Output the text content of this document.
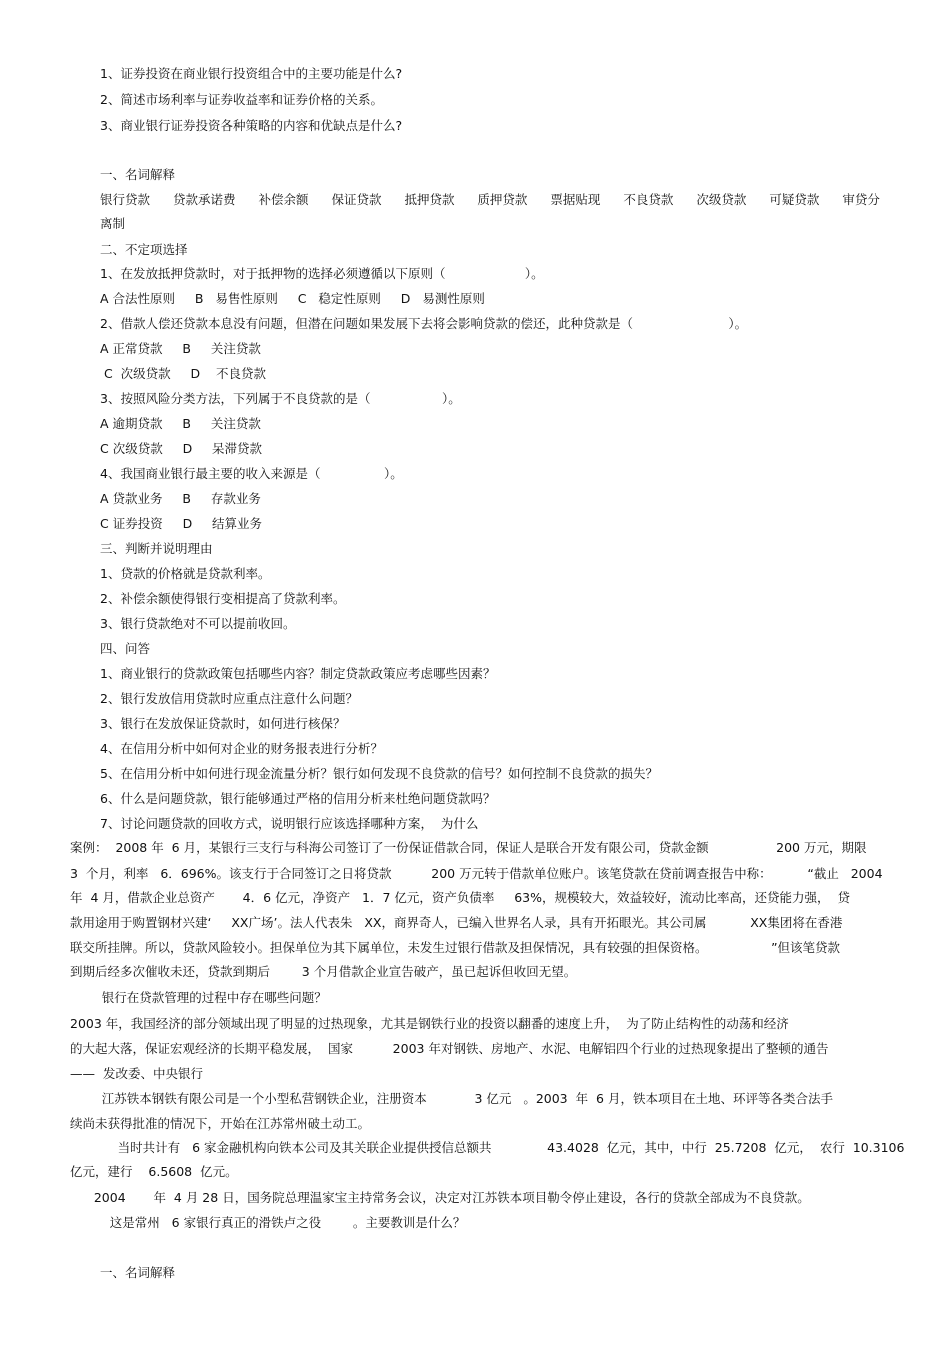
1、证券投资在商业银行投资组合中的主要功能是什么?
2、简述市场利率与证券收益率和证券价格的关系。
3、商业银行证券投资各种策略的内容和优缺点是什么?
一、名词解释
银行贷款 贷款承诺费 补偿余额 保证贷款 抵押贷款 质押贷款 票据贴现 不良贷款 次级贷款 可疑贷款 审贷分
离制
二、不定项选择
1、在发放抵押贷款时，对于抵押物的选择必须遵循以下原则（                    ）。
A 合法性原则     B   易售性原则     C   稳定性原则     D   易测性原则
2、借款人偿还贷款本息没有问题，但潜在问题如果发展下去将会影响贷款的偿还，此种贷款是（                        ）。
A 正常贷款     B     关注贷款
C  次级贷款     D    不良贷款
3、按照风险分类方法，下列属于不良贷款的是（                  ）。
A 逾期贷款     B     关注贷款
C 次级贷款     D     呆滞贷款
4、我国商业银行最主要的收入来源是（                ）。
A 贷款业务     B     存款业务
C 证券投资     D     结算业务
三、判断并说明理由
1、贷款的价格就是贷款利率。
2、补偿余额使得银行变相提高了贷款利率。
3、银行贷款绝对不可以提前收回。
四、问答
1、商业银行的贷款政策包括哪些内容？制定贷款政策应考虑哪些因素？
2、银行发放信用贷款时应重点注意什么问题？
3、银行在发放保证贷款时，如何进行核保？
4、在信用分析中如何对企业的财务报表进行分析？
5、在信用分析中如何进行现金流量分析？银行如何发现不良贷款的信号？如何控制不良贷款的损失？
6、什么是问题贷款，银行能够通过严格的信用分析来杜绝问题贷款吗？
7、讨论问题贷款的回收方式，说明银行应该选择哪种方案，  为什么
案例：  2008 年  6 月，某银行三支行与科海公司签订了一份保证借款合同，保证人是联合开发有限公司，贷款金额                 200 万元，期限
3  个月，利率   6．696%。该支行于合同签订之日将贷款          200 万元转于借款单位账户。该笔贷款在贷前调查报告中称：         “截止   2004
年  4 月，借款企业总资产       4．6 亿元，净资产   1．7 亿元，资产负债率     63%，规模较大，效益较好，流动比率高，还贷能力强，  贷
款用途用于购置钢材兴建‘     XX广场’。法人代表朱   XX，商界奇人，已编入世界名人录，具有开拓眼光。其公司属           XX集团将在香港
联交所挂牌。所以，贷款风险较小。担保单位为其下属单位，未发生过银行借款及担保情况，具有较强的担保资格。                ”但该笔贷款
到期后经多次催收未还，贷款到期后        3 个月借款企业宣告破产，虽已起诉但收回无望。
银行在贷款管理的过程中存在哪些问题？
2003 年，我国经济的部分领域出现了明显的过热现象，尤其是钢铁行业的投资以翻番的速度上升，  为了防止结构性的动荡和经济
的大起大落，保证宏观经济的长期平稳发展，  国家          2003 年对钢铁、房地产、水泥、电解铝四个行业的过热现象提出了整顿的通告
——  发改委、中央银行
江苏铁本钢铁有限公司是一个小型私营钢铁企业，注册资本            3 亿元   。2003  年  6 月，铁本项目在土地、环评等各类合法手
续尚未获得批准的情况下，开始在江苏常州破土动工。
当时共计有   6 家金融机构向铁本公司及其关联企业提供授信总额共              43.4028  亿元，其中，中行  25.7208  亿元，  农行  10.3106
亿元，建行    6.5608  亿元。
2004       年  4 月 28 日，国务院总理温家宝主持常务会议，决定对江苏铁本项目勒令停止建设，各行的贷款全部成为不良贷款。
这是常州   6 家银行真正的滑铁卢之役        。主要教训是什么？
一、名词解释
